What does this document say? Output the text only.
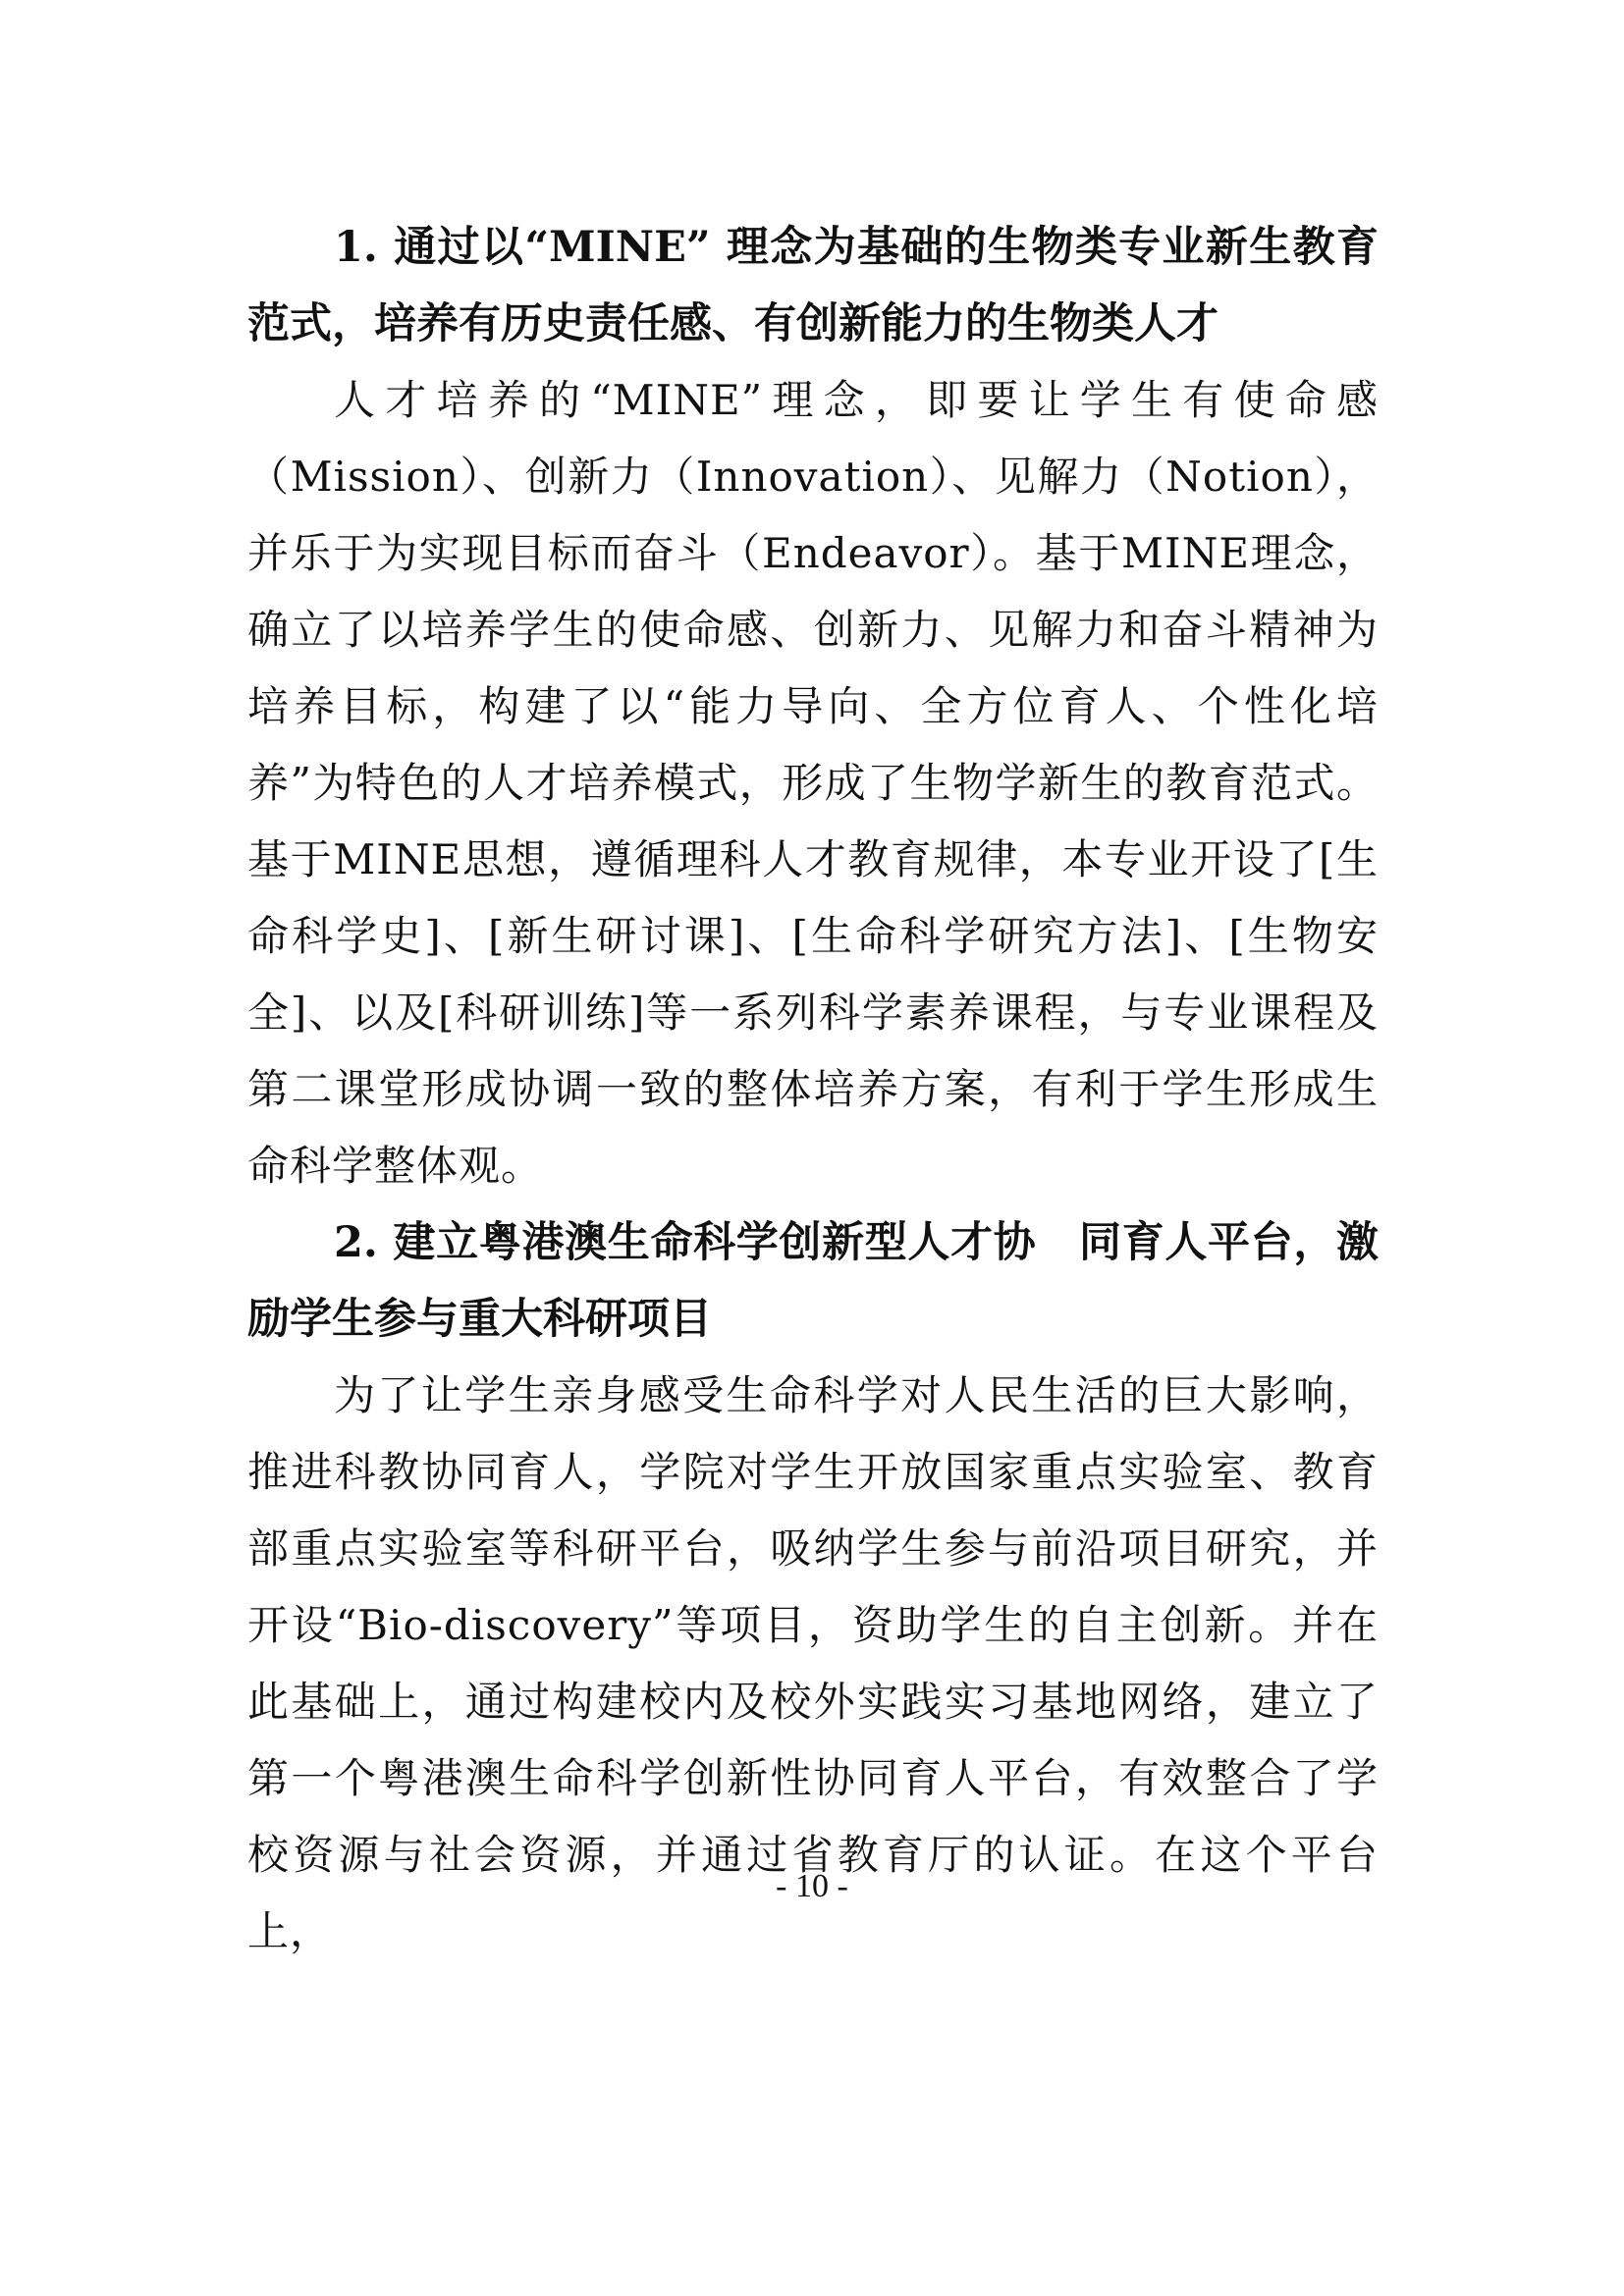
1. 通过以“MINE” 理念为基础的生物类专业新生教育范式，培养有历史责任感、有创新能力的生物类人才

人才培养的“MINE”理念，即要让学生有使命感（Mission）、创新力（Innovation）、见解力（Notion），并乐于为实现目标而奋斗（Endeavor）。基于MINE理念，确立了以培养学生的使命感、创新力、见解力和奋斗精神为培养目标，构建了以“能力导向、全方位育人、个性化培养”为特色的人才培养模式，形成了生物学新生的教育范式。基于MINE思想，遵循理科人才教育规律，本专业开设了[生命科学史]、[新生研讨课]、[生命科学研究方法]、[生物安全]、以及[科研训练]等一系列科学素养课程，与专业课程及第二课堂形成协调一致的整体培养方案，有利于学生形成生命科学整体观。

2. 建立粤港澳生命科学创新型人才协　同育人平台，激励学生参与重大科研项目

为了让学生亲身感受生命科学对人民生活的巨大影响，推进科教协同育人，学院对学生开放国家重点实验室、教育部重点实验室等科研平台，吸纳学生参与前沿项目研究，并开设“Bio-discovery”等项目，资助学生的自主创新。并在此基础上，通过构建校内及校外实践实习基地网络，建立了第一个粤港澳生命科学创新性协同育人平台，有效整合了学校资源与社会资源，并通过省教育厅的认证。在这个平台上，

- 10 -
